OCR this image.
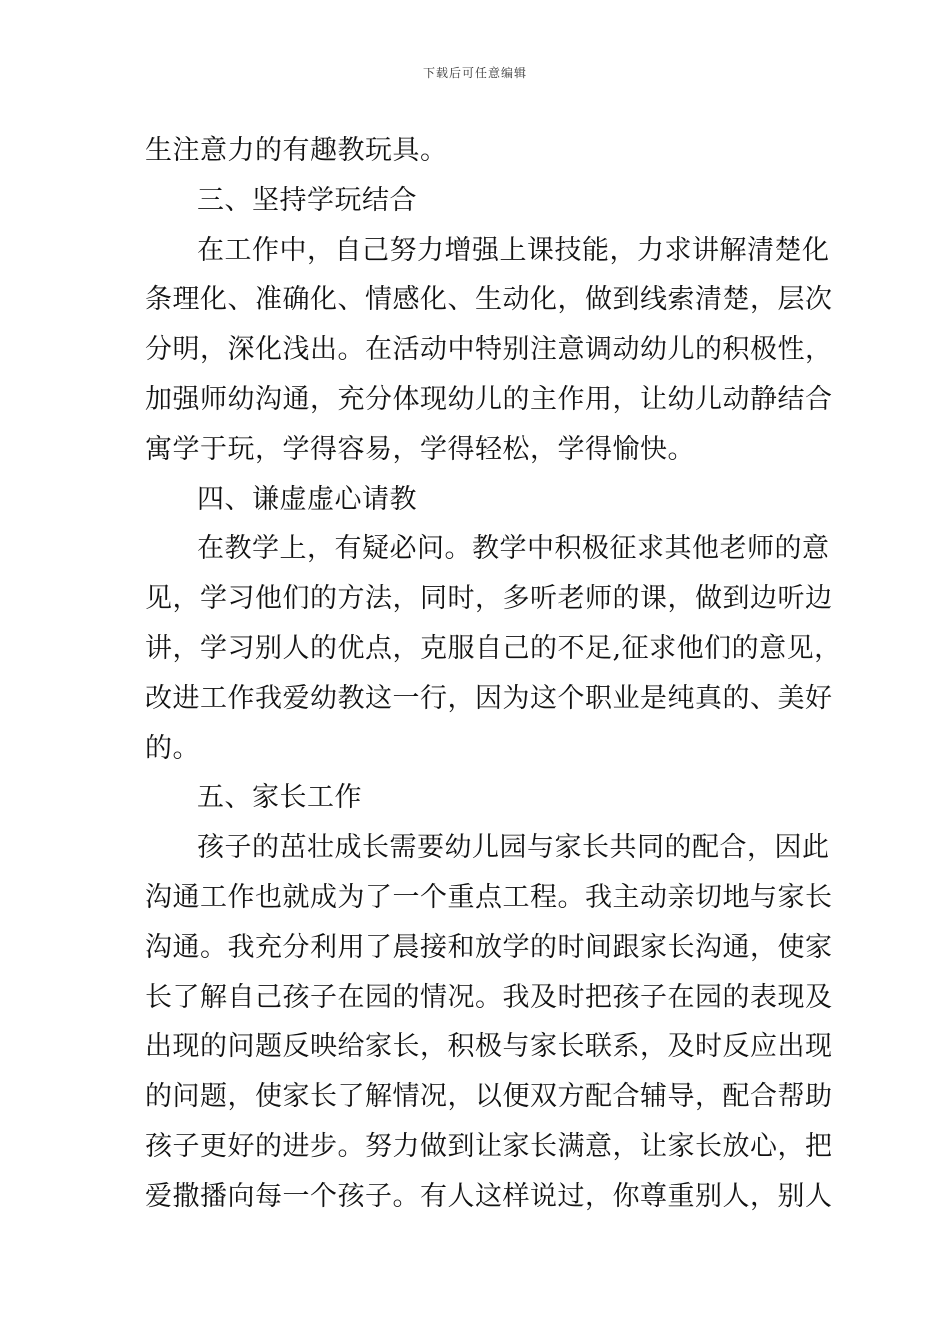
下载后可任意编辑
生注意力的有趣教玩具。
三、坚持学玩结合
在工作中，自己努力增强上课技能，力求讲解清楚化
条理化、准确化、情感化、生动化，做到线索清楚，层次
分明，深化浅出。在活动中特别注意调动幼儿的积极性，
加强师幼沟通，充分体现幼儿的主作用，让幼儿动静结合
寓学于玩，学得容易，学得轻松，学得愉快。
四、谦虚虚心请教
在教学上，有疑必问。教学中积极征求其他老师的意
见，学习他们的方法，同时，多听老师的课，做到边听边
讲，学习别人的优点，克服自己的不足,征求他们的意见，
改进工作我爱幼教这一行，因为这个职业是纯真的、美好
的。
五、家长工作
孩子的茁壮成长需要幼儿园与家长共同的配合，因此
沟通工作也就成为了一个重点工程。我主动亲切地与家长
沟通。我充分利用了晨接和放学的时间跟家长沟通，使家
长了解自己孩子在园的情况。我及时把孩子在园的表现及
出现的问题反映给家长，积极与家长联系，及时反应出现
的问题，使家长了解情况，以便双方配合辅导，配合帮助
孩子更好的进步。努力做到让家长满意，让家长放心，把
爱撒播向每一个孩子。有人这样说过，你尊重别人，别人
